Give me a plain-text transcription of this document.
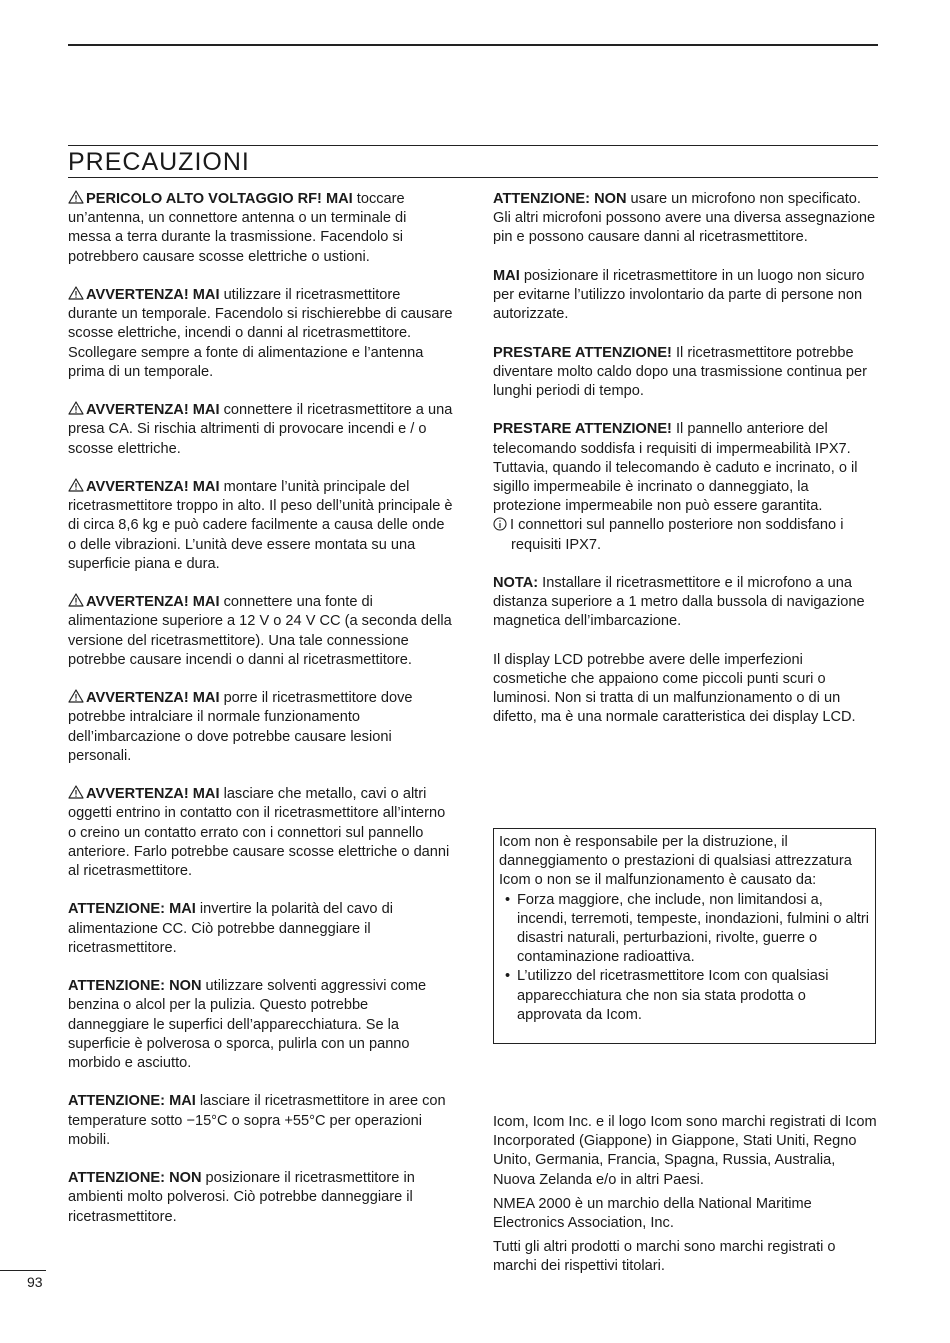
PRECAUZIONI

PERICOLO ALTO VOLTAGGIO RF! MAI toccare un’antenna, un connettore antenna o un terminale di messa a terra durante la trasmissione. Facendolo si potrebbero causare scosse elettriche o ustioni.

AVVERTENZA! MAI utilizzare il ricetrasmettitore durante un temporale. Facendolo si rischierebbe di causare scosse elettriche, incendi o danni al ricetrasmettitore. Scollegare sempre a fonte di alimentazione e l’antenna prima di un temporale.

AVVERTENZA! MAI connettere il ricetrasmettitore a una presa CA. Si rischia altrimenti di provocare incendi e / o scosse elettriche.

AVVERTENZA! MAI montare l’unità principale del ricetrasmettitore troppo in alto. Il peso dell’unità principale è di circa 8,6 kg e può cadere facilmente a causa delle onde o delle vibrazioni. L’unità deve essere montata su una superficie piana e dura.

AVVERTENZA! MAI connettere una fonte di alimentazione superiore a 12 V o 24 V CC (a seconda della versione del ricetrasmettitore). Una tale connessione potrebbe causare incendi o danni al ricetrasmettitore.

AVVERTENZA! MAI porre il ricetrasmettitore dove potrebbe intralciare il normale funzionamento dell’imbarcazione o dove potrebbe causare lesioni personali.

AVVERTENZA! MAI lasciare che metallo, cavi o altri oggetti entrino in contatto con il ricetrasmettitore all’interno o creino un contatto errato con i connettori sul pannello anteriore. Farlo potrebbe causare scosse elettriche o danni al ricetrasmettitore.

ATTENZIONE: MAI invertire la polarità del cavo di alimentazione CC. Ciò potrebbe danneggiare il ricetrasmettitore.

ATTENZIONE: NON utilizzare solventi aggressivi come benzina o alcol per la pulizia. Questo potrebbe danneggiare le superfici dell’apparecchiatura. Se la superficie è polverosa o sporca, pulirla con un panno morbido e asciutto.

ATTENZIONE: MAI lasciare il ricetrasmettitore in aree con temperature sotto −15°C o sopra +55°C per operazioni mobili.

ATTENZIONE: NON posizionare il ricetrasmettitore in ambienti molto polverosi. Ciò potrebbe danneggiare il ricetrasmettitore.

ATTENZIONE: NON usare un microfono non specificato. Gli altri microfoni possono avere una diversa assegnazione pin e possono causare danni al ricetrasmettitore.

MAI posizionare il ricetrasmettitore in un luogo non sicuro per evitarne l’utilizzo involontario da parte di persone non autorizzate.

PRESTARE ATTENZIONE! Il ricetrasmettitore potrebbe diventare molto caldo dopo una trasmissione continua per lunghi periodi di tempo.

PRESTARE ATTENZIONE! Il pannello anteriore del telecomando soddisfa i requisiti di impermeabilità IPX7. Tuttavia, quando il telecomando è caduto e incrinato, o il sigillo impermeabile è incrinato o danneggiato, la protezione impermeabile non può essere garantita.

I connettori sul pannello posteriore non soddisfano i requisiti IPX7.

NOTA: Installare il ricetrasmettitore e il microfono a una distanza superiore a 1 metro dalla bussola di navigazione magnetica dell’imbarcazione.

Il display LCD potrebbe avere delle imperfezioni cosmetiche che appaiono come piccoli punti scuri o luminosi. Non si tratta di un malfunzionamento o di un difetto, ma è una normale caratteristica dei display LCD.

Icom non è responsabile per la distruzione, il danneggiamento o prestazioni di qualsiasi attrezzatura Icom o non se il malfunzionamento è causato da:
• Forza maggiore, che include, non limitandosi a, incendi, terremoti, tempeste, inondazioni, fulmini o altri disastri naturali, perturbazioni, rivolte, guerre o contaminazione radioattiva.
• L’utilizzo del ricetrasmettitore Icom con qualsiasi apparecchiatura che non sia stata prodotta o approvata da Icom.

Icom, Icom Inc. e il logo Icom sono marchi registrati di Icom Incorporated (Giappone) in Giappone, Stati Uniti, Regno Unito, Germania, Francia, Spagna, Russia, Australia, Nuova Zelanda e/o in altri Paesi.

NMEA 2000 è un marchio della National Maritime Electronics Association, Inc.

Tutti gli altri prodotti o marchi sono marchi registrati o marchi dei rispettivi titolari.

93
